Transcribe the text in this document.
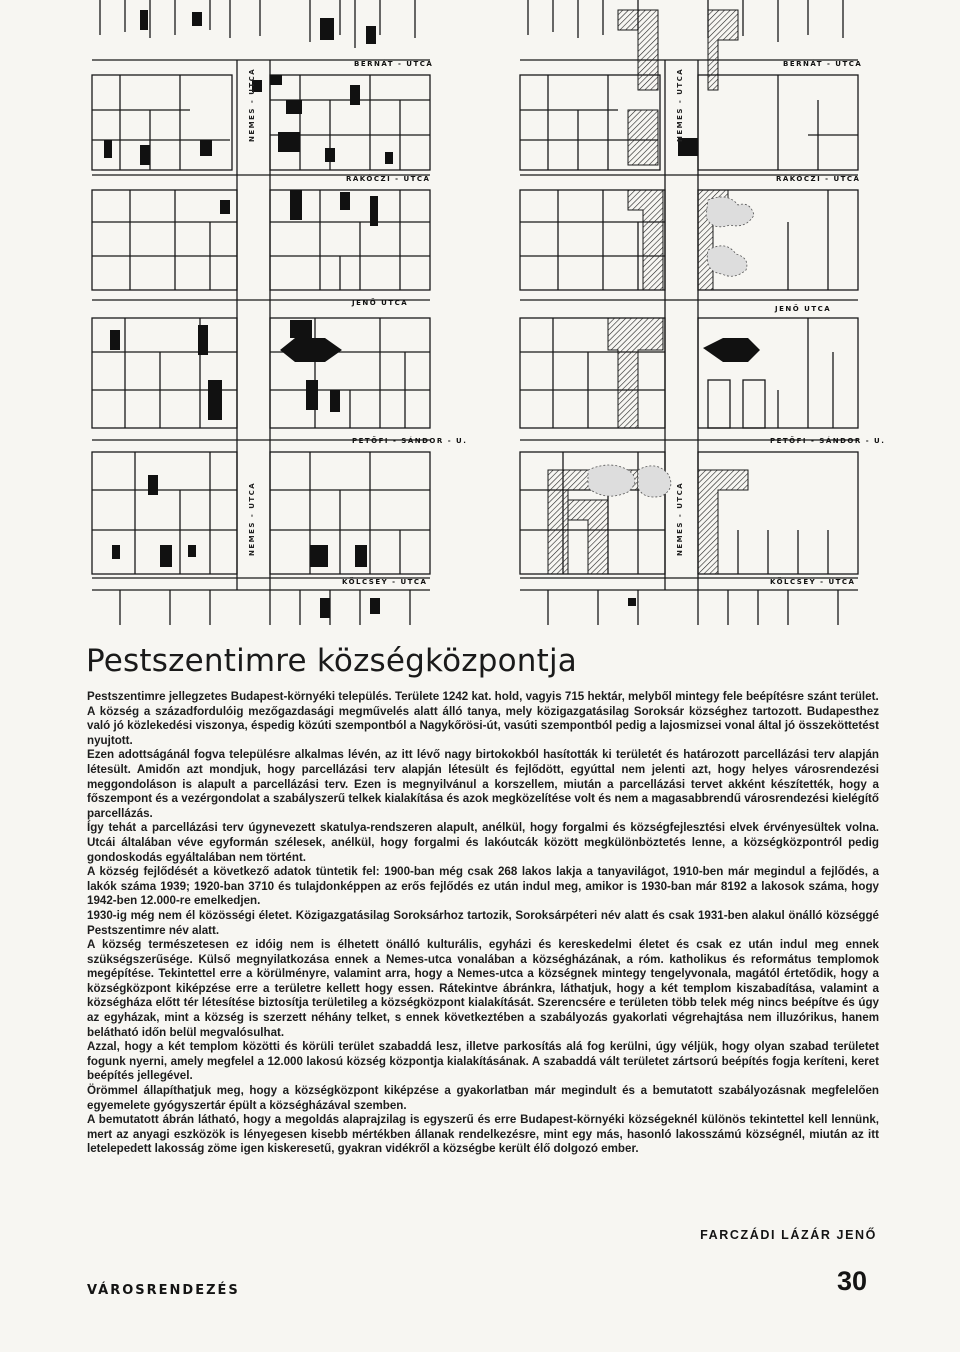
BERNÁT - UTCA
RÁKÓCZI - UTCA
JENŐ UTCA
PETŐFI - SÁNDOR - U.
KÖLCSEY - UTCA
NEMES - UTCA
NEMES - UTCA
BERNÁT - UTCA
RÁKÓCZI - UTCA
JENŐ UTCA
PETŐFI - SÁNDOR - U.
KÖLCSEY - UTCA
NEMES - UTCA
NEMES - UTCA
Pestszentimre községközpontja

Pestszentimre jellegzetes Budapest-környéki település. Területe 1242 kat. hold, vagyis 715 hektár, melyből mintegy fele beépítésre szánt terület.

A község a századfordulóig mezőgazdasági megművelés alatt álló tanya, mely közigazgatásilag Soroksár községhez tartozott. Budapesthez való jó közlekedési viszonya, éspedig közúti szempontból a Nagykőrösi-út, vasúti szempontból pedig a lajosmizsei vonal által jó összeköttetést nyujtott.

Ezen adottságánál fogva településre alkalmas lévén, az itt lévő nagy birtokokból hasították ki területét és határozott parcellázási terv alapján létesült. Amidőn azt mondjuk, hogy parcellázási terv alapján létesült és fejlődött, egyúttal nem jelenti azt, hogy helyes városrendezési meggondoláson is alapult a parcellázási terv. Ezen is megnyilvánul a korszellem, miután a parcellázási tervet akként készítették, hogy a főszempont és a vezérgondolat a szabályszerű telkek kialakítása és azok megközelítése volt és nem a magasabbrendű városrendezési kielégítő parcellázás.

Így tehát a parcellázási terv úgynevezett skatulya-rendszeren alapult, anélkül, hogy forgalmi és községfejlesztési elvek érvényesültek volna. Utcái általában véve egyformán szélesek, anélkül, hogy forgalmi és lakóutcák között megkülönböztetés lenne, a községközpontról pedig gondoskodás egyáltalában nem történt.

A község fejlődését a következő adatok tüntetik fel: 1900-ban még csak 268 lakos lakja a tanyavilágot, 1910-ben már megindul a fejlődés, a lakók száma 1939; 1920-ban 3710 és tulajdonképpen az erős fejlődés ez után indul meg, amikor is 1930-ban már 8192 a lakosok száma, hogy 1942-ben 12.000-re emelkedjen.

1930-ig még nem él közösségi életet. Közigazgatásilag Soroksárhoz tartozik, Soroksárpéteri név alatt és csak 1931-ben alakul önálló községgé Pestszentimre név alatt.

A község természetesen ez idóig nem is élhetett önálló kulturális, egyházi és kereskedelmi életet és csak ez után indul meg ennek szükségszerűsége. Külső megnyilatkozása ennek a Nemes-utca vonalában a községházának, a róm. katholikus és református templomok megépítése. Tekintettel erre a körülményre, valamint arra, hogy a Nemes-utca a községnek mintegy tengelyvonala, magától értetődik, hogy a községközpont kiképzése erre a területre kellett hogy essen. Rátekintve ábránkra, láthatjuk, hogy a két templom kiszabadítása, valamint a községháza előtt tér létesítése biztosítja területileg a községközpont kialakítását. Szerencsére e területen több telek még nincs beépítve és úgy az egyházak, mint a község is szerzett néhány telket, s ennek következtében a szabályozás gyakorlati végrehajtása nem illuzórikus, hanem belátható időn belül megvalósulhat.

Azzal, hogy a két templom közötti és körüli terület szabaddá lesz, illetve parkosítás alá fog kerülni, úgy véljük, hogy olyan szabad területet fogunk nyerni, amely megfelel a 12.000 lakosú község központja kialakításának. A szabaddá vált területet zártsorú beépítés fogja keríteni, keret beépítés jellegével.

Örömmel állapíthatjuk meg, hogy a községközpont kiképzése a gyakorlatban már megindult és a bemutatott szabályozásnak megfelelően egyemelete gyógyszertár épült a községházával szemben.

A bemutatott ábrán látható, hogy a megoldás alaprajzilag is egyszerű és erre Budapest-környéki községeknél különös tekintettel kell lennünk, mert az anyagi eszközök is lényegesen kisebb mértékben állanak rendelkezésre, mint egy más, hasonló lakosszámú községnél, miután az itt letelepedett lakosság zöme igen kiskeresetű, gyakran vidékről a községbe került élő dolgozó ember.

FARCZÁDI LÁZÁR JENŐ
VÁROSRENDEZÉS	30
